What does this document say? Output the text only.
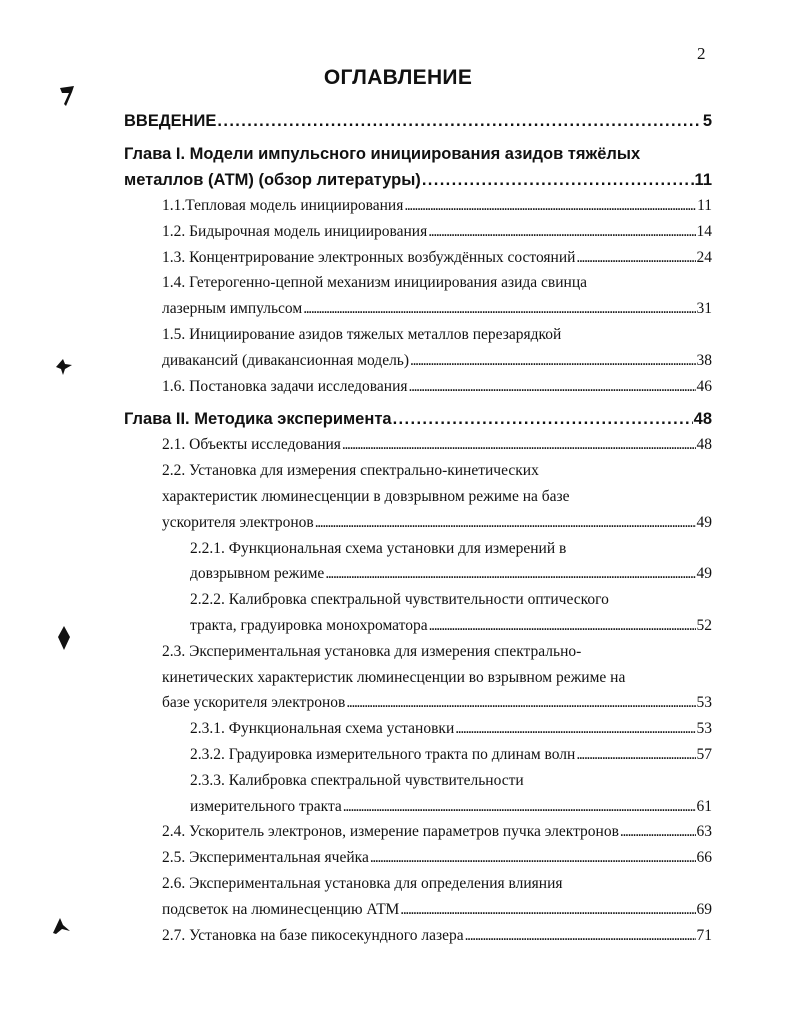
2
ОГЛАВЛЕНИЕ
ВВЕДЕНИЕ . . .	5
Глава I. Модели импульсного инициирования азидов тяжёлых
металлов (АТМ) (обзор литературы) . . .	11
1.1.Тепловая модель инициирования . . .	11
1.2. Бидырочная модель инициирования . . .	14
1.3. Концентрирование электронных возбуждённых состояний . . .	24
1.4. Гетерогенно-цепной механизм инициирования азида свинца
лазерным импульсом . . .	31
1.5. Инициирование азидов тяжелых металлов перезарядкой
дивакансий (дивакансионная модель) . . .	38
1.6. Постановка задачи исследования . . .	46
Глава II. Методика эксперимента . . .	48
2.1. Объекты исследования . . .	48
2.2. Установка для измерения спектрально-кинетических
характеристик люминесценции в довзрывном режиме на базе
ускорителя электронов . . .	49
2.2.1. Функциональная схема установки для измерений в
довзрывном режиме . . .	49
2.2.2. Калибровка спектральной чувствительности оптического
тракта, градуировка монохроматора . . .	52
2.3. Экспериментальная установка для измерения спектрально-
кинетических характеристик люминесценции во взрывном режиме на
базе ускорителя электронов . . .	53
2.3.1. Функциональная схема установки . . .	53
2.3.2. Градуировка измерительного тракта по длинам волн . . .	57
2.3.3. Калибровка спектральной чувствительности
измерительного тракта . . .	61
2.4. Ускоритель электронов, измерение параметров пучка электронов . . .	63
2.5. Экспериментальная ячейка . . .	66
2.6. Экспериментальная установка для определения влияния
подсветок на люминесценцию АТМ . . .	69
2.7. Установка на базе пикосекундного лазера . . .	71
